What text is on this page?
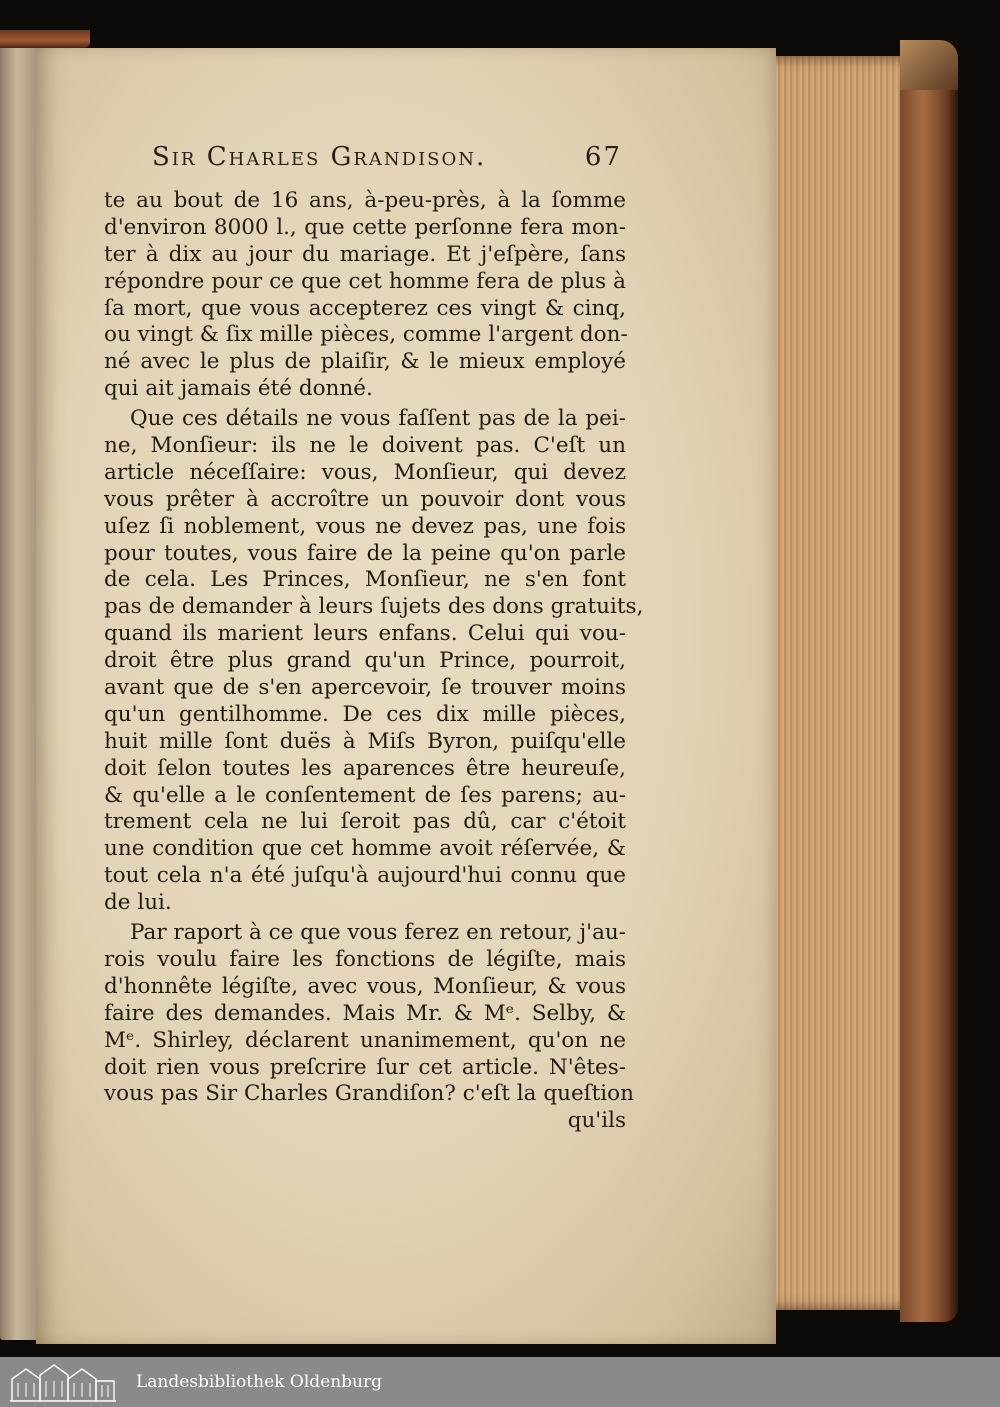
Sir Charles Grandison.	67
te au bout de 16 ans, à-peu-près, à la ſomme
d'environ 8000 l., que cette perſonne fera mon-
ter à dix au jour du mariage. Et j'eſpère, ſans
répondre pour ce que cet homme fera de plus à
ſa mort, que vous accepterez ces vingt & cinq,
ou vingt & ſix mille pièces, comme l'argent don-
né avec le plus de plaiſir, & le mieux employé
qui ait jamais été donné.
Que ces détails ne vous faſſent pas de la pei-
ne, Monſieur: ils ne le doivent pas. C'eſt un
article néceſſaire: vous, Monſieur, qui devez
vous prêter à accroître un pouvoir dont vous
uſez ſi noblement, vous ne devez pas, une fois
pour toutes, vous faire de la peine qu'on parle
de cela. Les Princes, Monſieur, ne s'en font
pas de demander à leurs ſujets des dons gratuits,
quand ils marient leurs enfans. Celui qui vou-
droit être plus grand qu'un Prince, pourroit,
avant que de s'en apercevoir, ſe trouver moins
qu'un gentilhomme. De ces dix mille pièces,
huit mille ſont duës à Miſs Byron, puiſqu'elle
doit ſelon toutes les aparences être heureuſe,
& qu'elle a le conſentement de ſes parens; au-
trement cela ne lui ſeroit pas dû, car c'étoit
une condition que cet homme avoit réſervée, &
tout cela n'a été juſqu'à aujourd'hui connu que
de lui.
Par raport à ce que vous ferez en retour, j'au-
rois voulu faire les fonctions de légiſte, mais
d'honnête légiſte, avec vous, Monſieur, & vous
faire des demandes. Mais Mr. & Mᵉ. Selby, &
Mᵉ. Shirley, déclarent unanimement, qu'on ne
doit rien vous preſcrire ſur cet article. N'êtes-
vous pas Sir Charles Grandiſon? c'eſt la queſtion
qu'ils
Landesbibliothek Oldenburg
